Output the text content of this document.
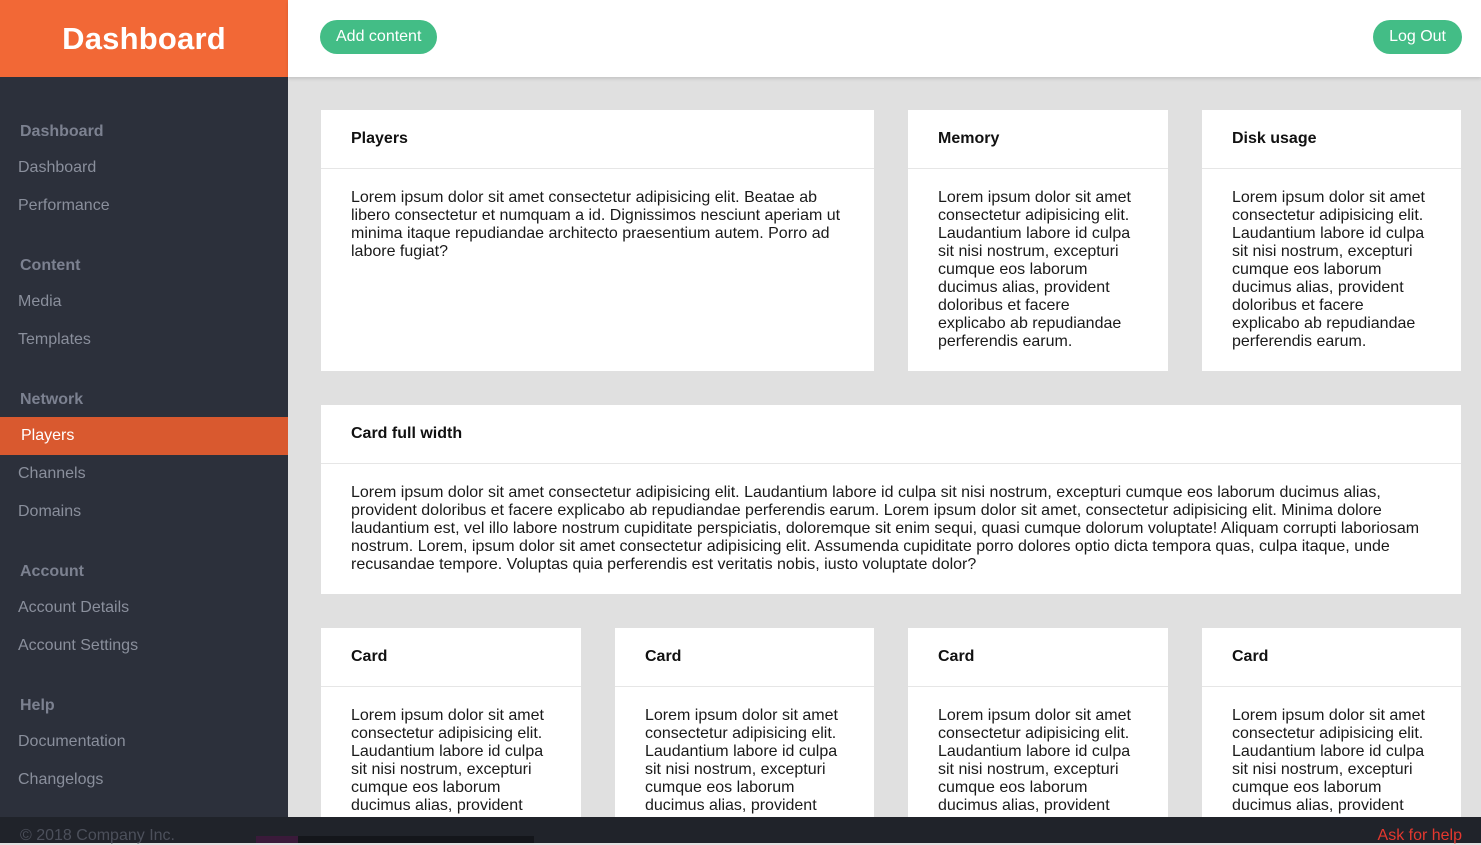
Dashboard
Dashboard
Dashboard
Performance
Content
Media
Templates
Network
Players
Channels
Domains
Account
Account Details
Account Settings
Help
Documentation
Changelogs
Add content	Log Out
Players
Lorem ipsum dolor sit amet consectetur adipisicing elit. Beatae ab libero consectetur et numquam a id. Dignissimos nesciunt aperiam ut minima itaque repudiandae architecto praesentium autem. Porro ad labore fugiat?
Memory
Lorem ipsum dolor sit amet consectetur adipisicing elit. Laudantium labore id culpa sit nisi nostrum, excepturi cumque eos laborum ducimus alias, provident doloribus et facere explicabo ab repudiandae perferendis earum.
Disk usage
Lorem ipsum dolor sit amet consectetur adipisicing elit. Laudantium labore id culpa sit nisi nostrum, excepturi cumque eos laborum ducimus alias, provident doloribus et facere explicabo ab repudiandae perferendis earum.
Card full width
Lorem ipsum dolor sit amet consectetur adipisicing elit. Laudantium labore id culpa sit nisi nostrum, excepturi cumque eos laborum ducimus alias, provident doloribus et facere explicabo ab repudiandae perferendis earum. Lorem ipsum dolor sit amet, consectetur adipisicing elit. Minima dolore laudantium est, vel illo labore nostrum cupiditate perspiciatis, doloremque sit enim sequi, quasi cumque dolorum voluptate! Aliquam corrupti laboriosam nostrum. Lorem, ipsum dolor sit amet consectetur adipisicing elit. Assumenda cupiditate porro dolores optio dicta tempora quas, culpa itaque, unde recusandae tempore. Voluptas quia perferendis est veritatis nobis, iusto voluptate dolor?
Card
Lorem ipsum dolor sit amet consectetur adipisicing elit. Laudantium labore id culpa sit nisi nostrum, excepturi cumque eos laborum ducimus alias, provident
Card
Lorem ipsum dolor sit amet consectetur adipisicing elit. Laudantium labore id culpa sit nisi nostrum, excepturi cumque eos laborum ducimus alias, provident
Card
Lorem ipsum dolor sit amet consectetur adipisicing elit. Laudantium labore id culpa sit nisi nostrum, excepturi cumque eos laborum ducimus alias, provident
Card
Lorem ipsum dolor sit amet consectetur adipisicing elit. Laudantium labore id culpa sit nisi nostrum, excepturi cumque eos laborum ducimus alias, provident
© 2018 Company Inc.	Ask for help
